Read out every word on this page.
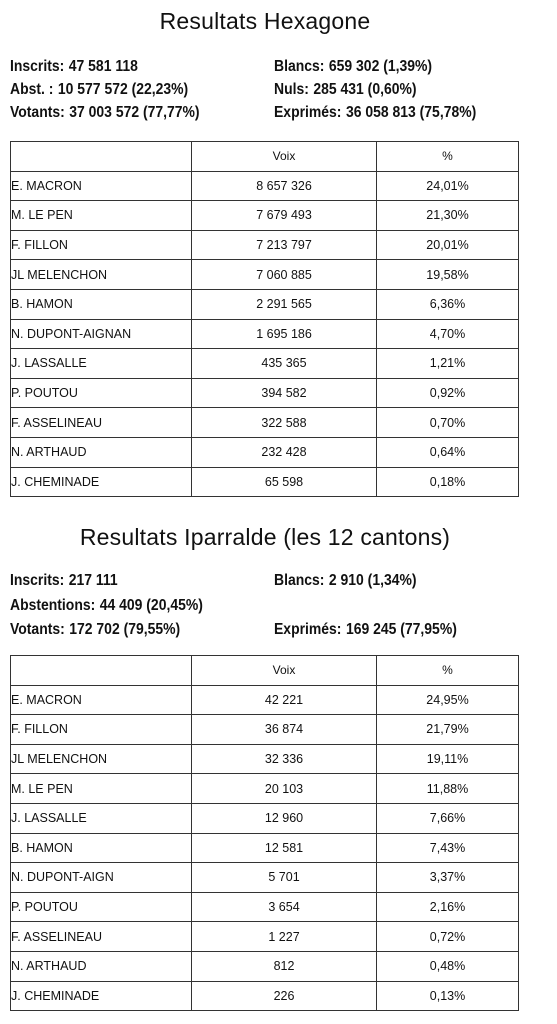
Resultats Hexagone
Inscrits: 47 581 118
Abst. : 10 577 572 (22,23%)
Votants: 37 003 572 (77,77%)
Blancs: 659 302 (1,39%)
Nuls: 285 431 (0,60%)
Exprimés: 36 058 813 (75,78%)
	Voix	%
E. MACRON	8 657 326	24,01%
M. LE PEN	7 679 493	21,30%
F. FILLON	7 213 797	20,01%
JL MELENCHON	7 060 885	19,58%
B. HAMON	2 291 565	6,36%
N. DUPONT-AIGNAN	1 695 186	4,70%
J. LASSALLE	435 365	1,21%
P. POUTOU	394 582	0,92%
F. ASSELINEAU	322 588	0,70%
N. ARTHAUD	232 428	0,64%
J. CHEMINADE	65 598	0,18%
Resultats Iparralde (les 12 cantons)
Inscrits: 217 111
Abstentions: 44 409 (20,45%)
Votants: 172 702 (79,55%)
Blancs: 2 910 (1,34%)
Exprimés: 169 245 (77,95%)
	Voix	%
E. MACRON	42 221	24,95%
F. FILLON	36 874	21,79%
JL MELENCHON	32 336	19,11%
M. LE PEN	20 103	11,88%
J. LASSALLE	12 960	7,66%
B. HAMON	12 581	7,43%
N. DUPONT-AIGN	5 701	3,37%
P. POUTOU	3 654	2,16%
F. ASSELINEAU	1 227	0,72%
N. ARTHAUD	812	0,48%
J. CHEMINADE	226	0,13%
